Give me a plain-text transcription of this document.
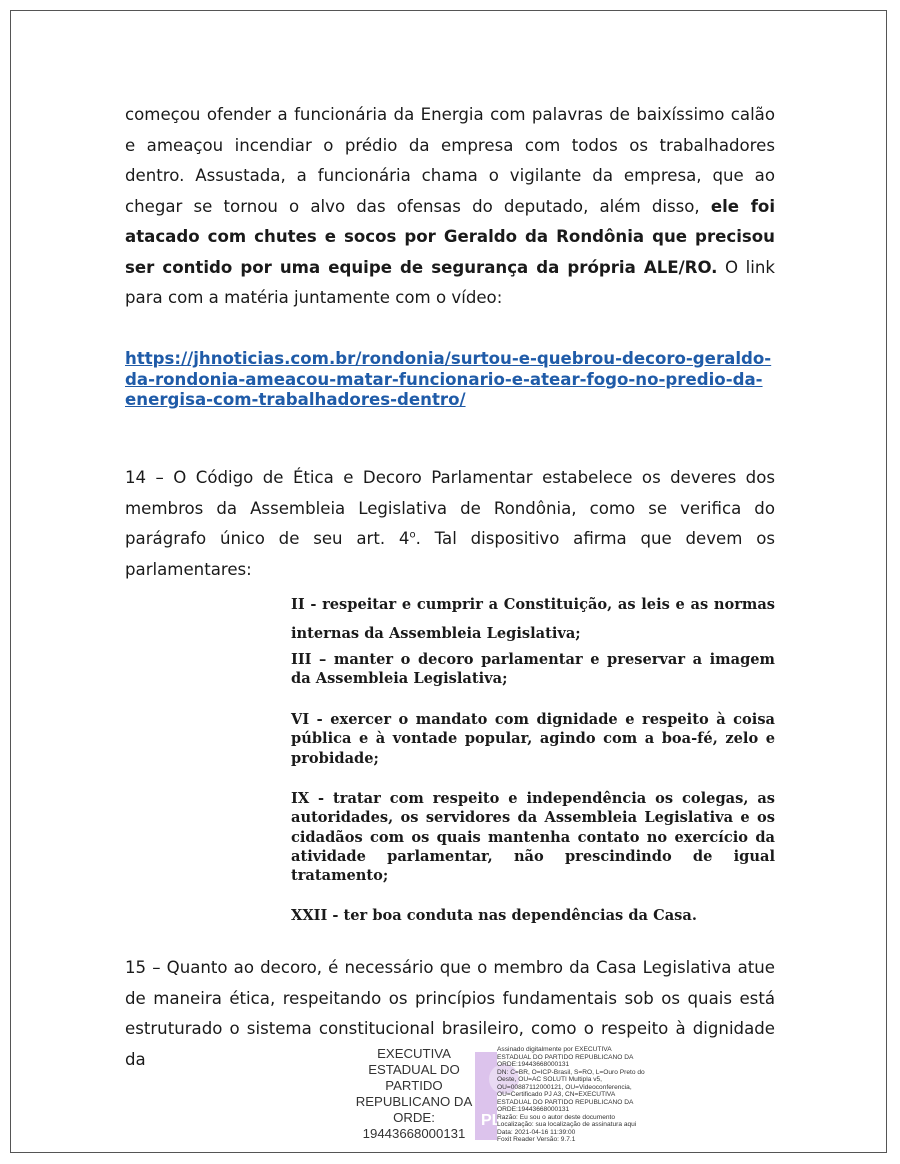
começou ofender a funcionária da Energia com palavras de baixíssimo calão e ameaçou incendiar o prédio da empresa com todos os trabalhadores dentro. Assustada, a funcionária chama o vigilante da empresa, que ao chegar se tornou o alvo das ofensas do deputado, além disso, ele foi atacado com chutes e socos por Geraldo da Rondônia que precisou ser contido por uma equipe de segurança da própria ALE/RO. O link para com a matéria juntamente com o vídeo:

https://jhnoticias.com.br/rondonia/surtou-e-quebrou-decoro-geraldo-
da-rondonia-ameacou-matar-funcionario-e-atear-fogo-no-predio-da-
energisa-com-trabalhadores-dentro/

14 – O Código de Ética e Decoro Parlamentar estabelece os deveres dos membros da Assembleia Legislativa de Rondônia, como se verifica do parágrafo único de seu art. 4$^o$. Tal dispositivo afirma que devem os parlamentares:

II - respeitar e cumprir a Constituição, as leis e as normas internas da Assembleia Legislativa;

III – manter o decoro parlamentar e preservar a imagem da Assembleia Legislativa;

VI - exercer o mandato com dignidade e respeito à coisa pública e à vontade popular, agindo com a boa-fé, zelo e probidade;

IX - tratar com respeito e independência os colegas, as autoridades, os servidores da Assembleia Legislativa e os cidadãos com os quais mantenha contato no exercício da atividade parlamentar, não prescindindo de igual tratamento;

XXII - ter boa conduta nas dependências da Casa.

15 – Quanto ao decoro, é necessário que o membro da Casa Legislativa atue de maneira ética, respeitando os princípios fundamentais sob os quais está estruturado o sistema constitucional brasileiro, como o respeito à dignidade da	EXECUTIVA
ESTADUAL DO
PARTIDO
REPUBLICANO DA
ORDE:
19443668000131
PL
Assinado digitalmente por EXECUTIVA
ESTADUAL DO PARTIDO REPUBLICANO DA
ORDE:19443668000131
DN: C=BR, O=ICP-Brasil, S=RO, L=Ouro Preto do
Oeste, OU=AC SOLUTI Multipla v5,
OU=00887112000121, OU=Videoconferencia,
OU=Certificado PJ A3, CN=EXECUTIVA
ESTADUAL DO PARTIDO REPUBLICANO DA
ORDE:19443668000131
Razão: Eu sou o autor deste documento
Localização: sua localização de assinatura aqui
Data: 2021-04-16 11:39:00
Foxit Reader Versão: 9.7.1
